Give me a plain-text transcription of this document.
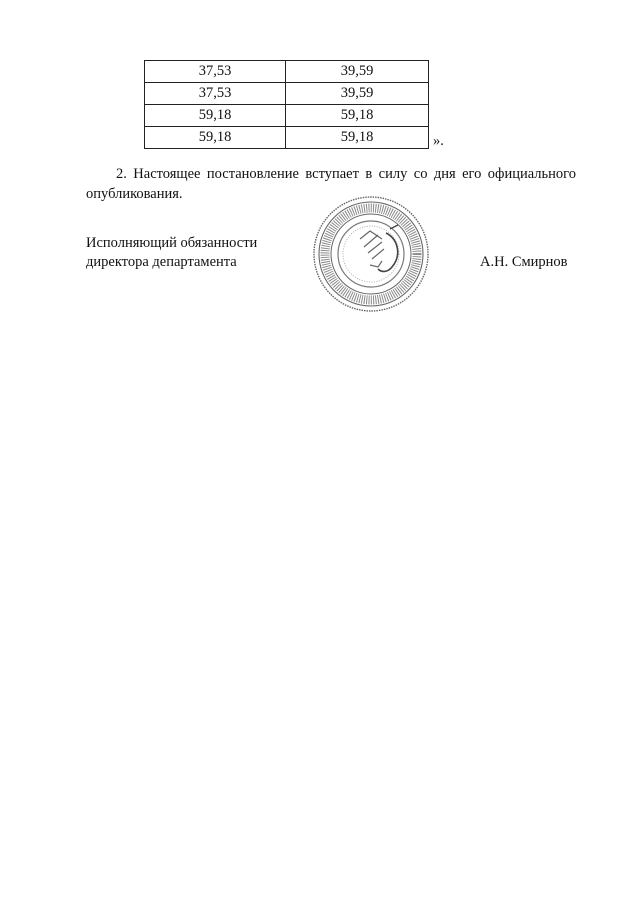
37,53	39,59
37,53	39,59
59,18	59,18
59,18	59,18	».

2. Настоящее постановление вступает в силу со дня его официального опубликования.

Исполняющий обязанности
директора департамента	А.Н. Смирнов
